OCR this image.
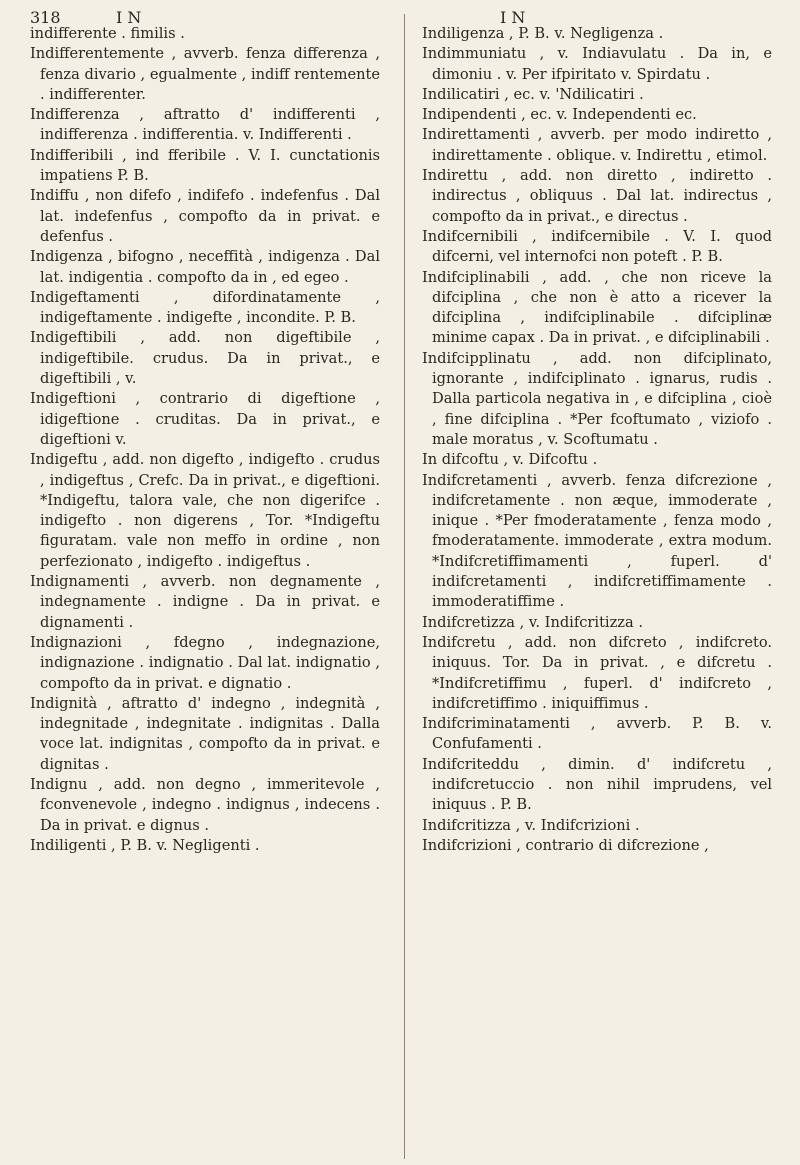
318	I N	I N

indifferente . fimilis .

Indifferentemente , avverb. fenza differenza , fenza divario , egualmente , indiff rentemente . indifferenter.

Indifferenza , aftratto d' indifferenti , indifferenza . indifferentia. v. Indifferenti .

Indifferibili , ind fferibile . V. I. cunctationis impatiens P. B.

Indiffu , non difefo , indifefo . indefenfus . Dal lat. indefenfus , compofto da in privat. e defenfus .

Indigenza , bifogno , neceffità , indigenza . Dal lat. indigentia . compofto da in , ed egeo .

Indigeftamenti , difordinatamente , indigeftamente . indigefte , incondite. P. B.

Indigeftibili , add. non digeftibile , indigeftibile. crudus. Da in privat., e digeftibili , v.

Indigeftioni , contrario di digeftione , idigeftione . cruditas. Da in privat., e digeftioni v.

Indigeftu , add. non digefto , indigefto . crudus , indigeftus , Crefc. Da in privat., e digeftioni. *Indigeftu, talora vale, che non digerifce . indigefto . non digerens , Tor. *Indigeftu figuratam. vale non meffo in ordine , non perfezionato , indigefto . indigeftus .

Indignamenti , avverb. non degnamente , indegnamente . indigne . Da in privat. e dignamenti .

Indignazioni , fdegno , indegnazione, indignazione . indignatio . Dal lat. indignatio , compofto da in privat. e dignatio .

Indignità , aftratto d' indegno , indegnità , indegnitade , indegnitate . indignitas . Dalla voce lat. indignitas , compofto da in privat. e dignitas .

Indignu , add. non degno , immeritevole , fconvenevole , indegno . indignus , indecens . Da in privat. e dignus .

Indiligenti , P. B. v. Negligenti .

Indiligenza , P. B. v. Negligenza .

Indimmuniatu , v. Indiavulatu . Da in, e dimoniu . v. Per ifpiritato v. Spirdatu .

Indilicatiri , ec. v. 'Ndilicatiri .

Indipendenti , ec. v. Independenti ec.

Indirettamenti , avverb. per modo indiretto , indirettamente . oblique. v. Indirettu , etimol.

Indirettu , add. non diretto , indiretto . indirectus , obliquus . Dal lat. indirectus , compofto da in privat., e directus .

Indifcernibili , indifcernibile . V. I. quod difcerni, vel internofci non poteft . P. B.

Indifciplinabili , add. , che non riceve la difciplina , che non è atto a ricever la difciplina , indifciplinabile . difciplinæ minime capax . Da in privat. , e difciplinabili .

Indifcipplinatu , add. non difciplinato, ignorante , indifciplinato . ignarus, rudis . Dalla particola negativa in , e difciplina , cioè , fine difciplina . *Per fcoftumato , viziofo . male moratus , v. Scoftumatu .

In difcoftu , v. Difcoftu .

Indifcretamenti , avverb. fenza difcrezione , indifcretamente . non æque, immoderate , inique . *Per fmoderatamente , fenza modo , fmoderatamente. immoderate , extra modum. *Indifcretiffimamenti , fuperl. d' indifcretamenti , indifcretiffimamente . immoderatiffime .

Indifcretizza , v. Indifcritizza .

Indifcretu , add. non difcreto , indifcreto. iniquus. Tor. Da in privat. , e difcretu . *Indifcretiffimu , fuperl. d' indifcreto , indifcretiffimo . iniquiffimus .

Indifcriminatamenti , avverb. P. B. v. Confufamenti .

Indifcriteddu , dimin. d' indifcretu , indifcretuccio . non nihil imprudens, vel iniquus . P. B.

Indifcritizza , v. Indifcrizioni .

Indifcrizioni , contrario di difcrezione ,
